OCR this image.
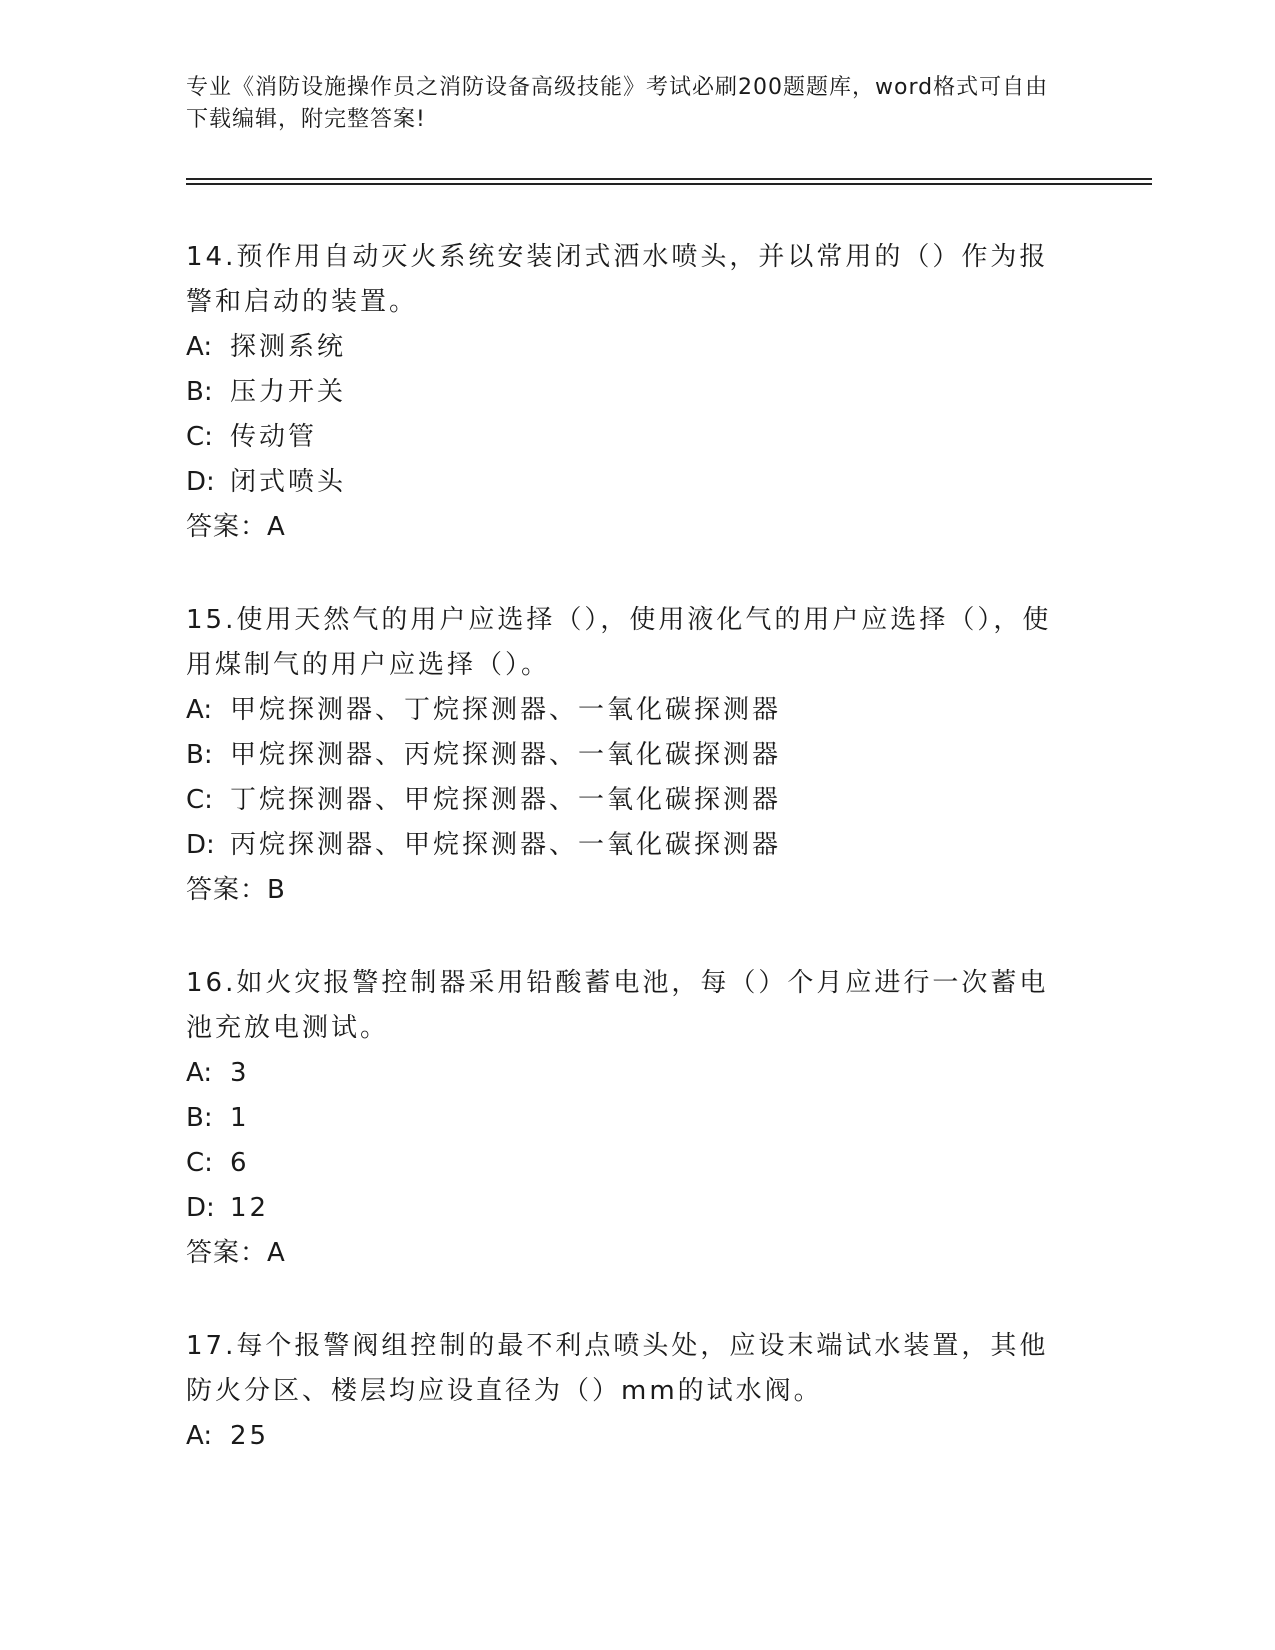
专业《消防设施操作员之消防设备高级技能》考试必刷200题题库，word格式可自由下载编辑，附完整答案!

14.预作用自动灭火系统安装闭式洒水喷头，并以常用的（）作为报警和启动的装置。

A: 探测系统

B: 压力开关

C: 传动管

D: 闭式喷头

答案：A

15.使用天然气的用户应选择（），使用液化气的用户应选择（），使用煤制气的用户应选择（）。

A: 甲烷探测器、丁烷探测器、一氧化碳探测器

B: 甲烷探测器、丙烷探测器、一氧化碳探测器

C: 丁烷探测器、甲烷探测器、一氧化碳探测器

D: 丙烷探测器、甲烷探测器、一氧化碳探测器

答案：B

16.如火灾报警控制器采用铅酸蓄电池，每（）个月应进行一次蓄电池充放电测试。

A: 3

B: 1

C: 6

D: 12

答案：A

17.每个报警阀组控制的最不利点喷头处，应设末端试水装置，其他防火分区、楼层均应设直径为（）mm的试水阀。

A: 25
